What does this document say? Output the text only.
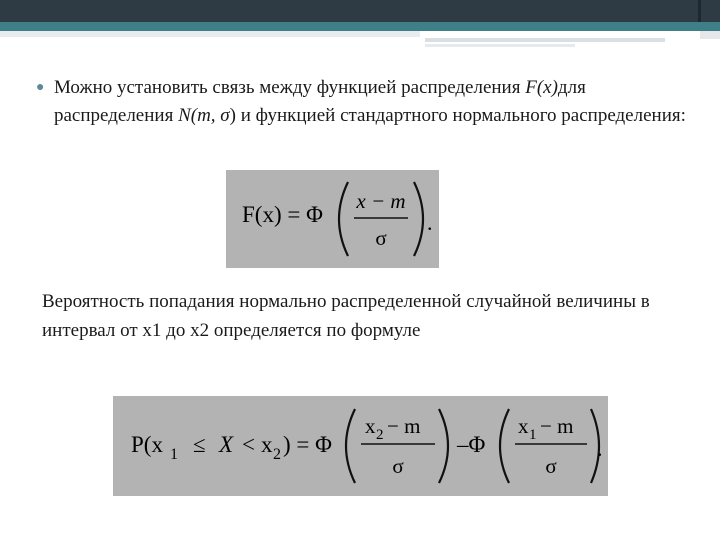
● Можно установить связь между функцией распределения F(x)для распределения N(m, σ) и функцией стандартного нормального распределения:
F(x) = Φ
x − m
σ
.
Вероятность попадания нормально распределенной случайной величины в интервал от х1 до х2 определяется по формуле
P(x 1 ≤ X < x 2 ) = Φ
x 2 − m
σ
–Φ
x 1 − m
σ
.
